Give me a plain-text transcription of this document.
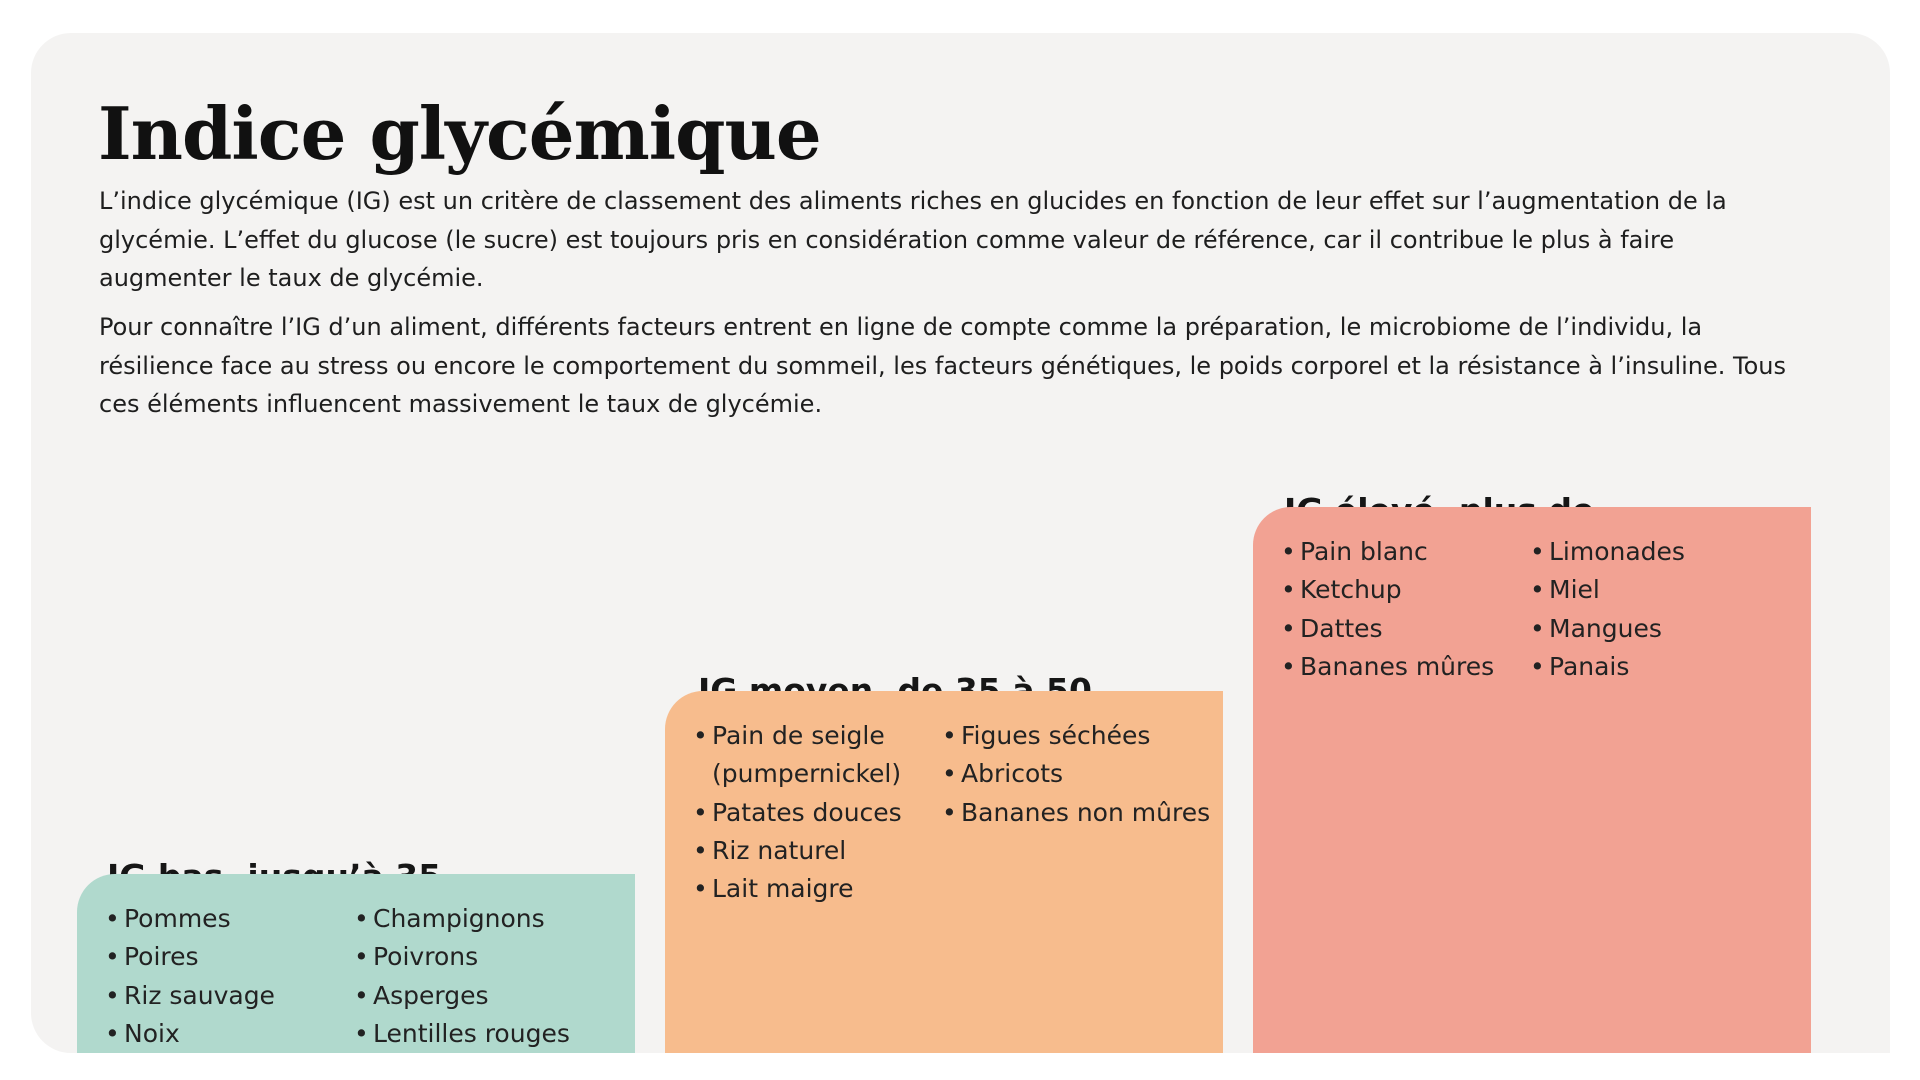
Indice glycémique

L’indice glycémique (IG) est un critère de classement des aliments riches en glucides en fonction de leur effet sur l’augmentation de la glycémie. L’effet du glucose (le sucre) est toujours pris en considération comme valeur de référence, car il contribue le plus à faire augmenter le taux de glycémie.

Pour connaître l’IG d’un aliment, différents facteurs entrent en ligne de compte comme la préparation, le microbiome de l’individu, la résilience face au stress ou encore le comportement du sommeil, les facteurs génétiques, le poids corporel et la résistance à l’insuline. Tous ces éléments influencent massivement le taux de glycémie.

• Pommes
• Poires
• Riz sauvage
• Noix
• Champignons
• Poivrons
• Asperges
• Lentilles rouges
• Pain de seigle (pumpernickel)
• Patates douces
• Riz naturel
• Lait maigre
• Figues séchées
• Abricots
• Bananes non mûres
• Pain blanc
• Ketchup
• Dattes
• Bananes mûres
• Limonades
• Miel
• Mangues
• Panais
